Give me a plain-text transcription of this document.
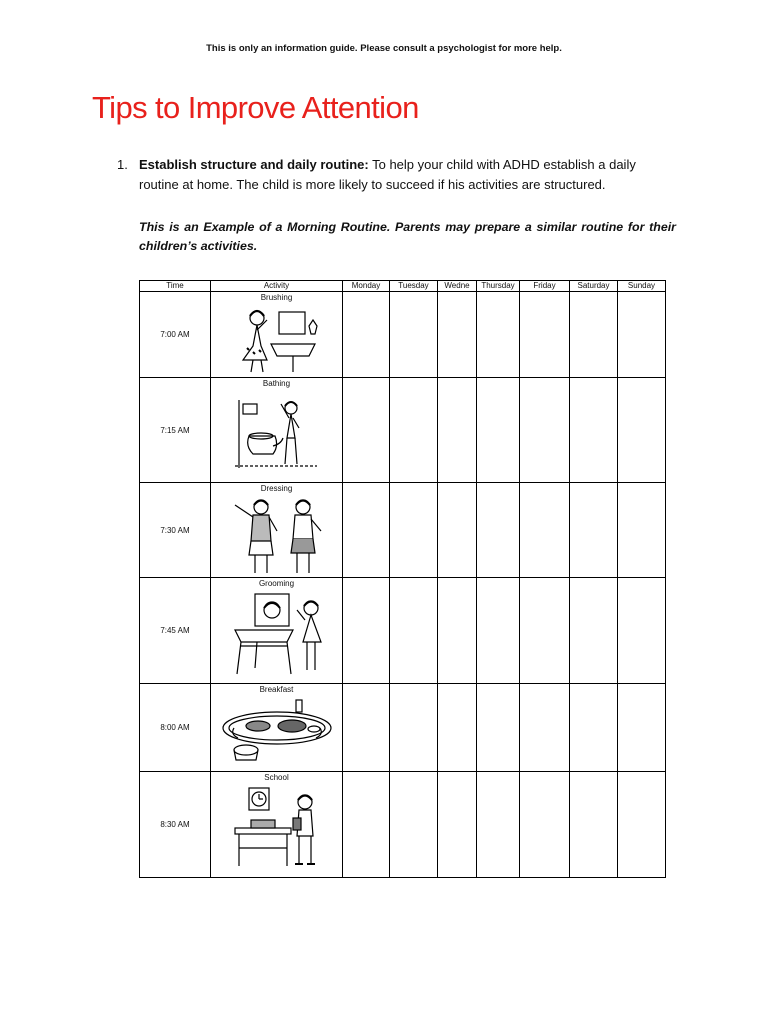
This is only an information guide. Please consult a psychologist for more help.
Tips to Improve Attention
1. Establish structure and daily routine: To help your child with ADHD establish a daily routine at home. The child is more likely to succeed if his activities are structured.
This is an Example of a Morning Routine. Parents may prepare a similar routine for their children’s activities.
Time	Activity	Monday	Tuesday	Wedne	Thursday	Friday	Saturday	Sunday
7:00 AM	Brushing							

7:15 AM	Bathing							

7:30 AM	Dressing							

7:45 AM	Grooming							

8:00 AM	Breakfast							

8:30 AM	School							
